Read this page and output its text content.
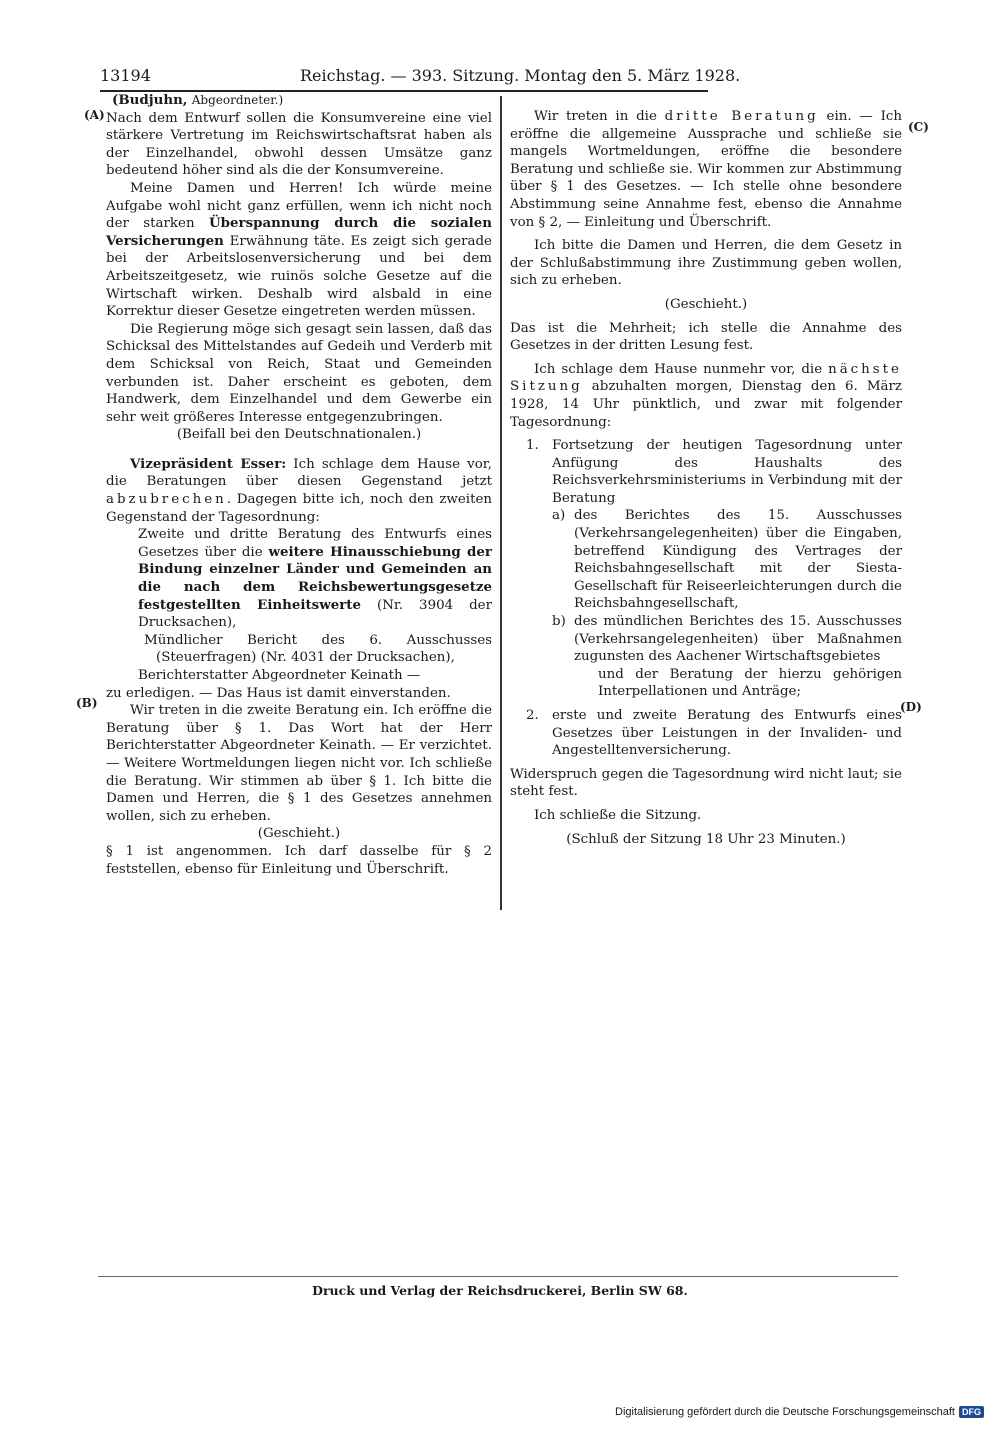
13194	Reichstag. — 393. Sitzung. Montag den 5. März 1928.
(A)
(B)
(C)
(D)

(Budjuhn, Abgeordneter.)

Nach dem Entwurf sollen die Konsumvereine eine viel stärkere Vertretung im Reichswirtschaftsrat haben als der Einzelhandel, obwohl dessen Umsätze ganz bedeutend höher sind als die der Konsumvereine.

Meine Damen und Herren! Ich würde meine Aufgabe wohl nicht ganz erfüllen, wenn ich nicht noch der starken Überspannung durch die sozialen Versicherungen Erwähnung täte. Es zeigt sich gerade bei der Arbeitslosenversicherung und bei dem Arbeitszeitgesetz, wie ruinös solche Gesetze auf die Wirtschaft wirken. Deshalb wird alsbald in eine Korrektur dieser Gesetze eingetreten werden müssen.

Die Regierung möge sich gesagt sein lassen, daß das Schicksal des Mittelstandes auf Gedeih und Verderb mit dem Schicksal von Reich, Staat und Gemeinden verbunden ist. Daher erscheint es geboten, dem Handwerk, dem Einzelhandel und dem Gewerbe ein sehr weit größeres Interesse entgegenzubringen.

(Beifall bei den Deutschnationalen.)

Vizepräsident Esser: Ich schlage dem Hause vor, die Beratungen über diesen Gegenstand jetzt abzubrechen. Dagegen bitte ich, noch den zweiten Gegenstand der Tagesordnung:

Zweite und dritte Beratung des Entwurfs eines Gesetzes über die weitere Hinausschiebung der Bindung einzelner Länder und Gemeinden an die nach dem Reichsbewertungsgesetze festgestellten Einheitswerte (Nr. 3904 der Drucksachen),

Mündlicher Bericht des 6. Ausschusses (Steuerfragen) (Nr. 4031 der Drucksachen),

Berichterstatter Abgeordneter Keinath —

zu erledigen. — Das Haus ist damit einverstanden.

Wir treten in die zweite Beratung ein. Ich eröffne die Beratung über § 1. Das Wort hat der Herr Berichterstatter Abgeordneter Keinath. — Er verzichtet. — Weitere Wortmeldungen liegen nicht vor. Ich schließe die Beratung. Wir stimmen ab über § 1. Ich bitte die Damen und Herren, die § 1 des Gesetzes annehmen wollen, sich zu erheben.

(Geschieht.)

§ 1 ist angenommen. Ich darf dasselbe für § 2 feststellen, ebenso für Einleitung und Überschrift.

Wir treten in die dritte Beratung ein. — Ich eröffne die allgemeine Aussprache und schließe sie mangels Wortmeldungen, eröffne die besondere Beratung und schließe sie. Wir kommen zur Abstimmung über § 1 des Gesetzes. — Ich stelle ohne besondere Abstimmung seine Annahme fest, ebenso die Annahme von § 2, — Einleitung und Überschrift.

Ich bitte die Damen und Herren, die dem Gesetz in der Schlußabstimmung ihre Zustimmung geben wollen, sich zu erheben.

(Geschieht.)

Das ist die Mehrheit; ich stelle die Annahme des Gesetzes in der dritten Lesung fest.

Ich schlage dem Hause nunmehr vor, die nächste Sitzung abzuhalten morgen, Dienstag den 6. März 1928, 14 Uhr pünktlich, und zwar mit folgender Tagesordnung:

1. Fortsetzung der heutigen Tagesordnung unter Anfügung des Haushalts des Reichsverkehrsministeriums in Verbindung mit der Beratung
a) des Berichtes des 15. Ausschusses (Verkehrsangelegenheiten) über die Eingaben, betreffend Kündigung des Vertrages der Reichsbahngesellschaft mit der Siesta-Gesellschaft für Reiseerleichterungen durch die Reichsbahngesellschaft,
b) des mündlichen Berichtes des 15. Ausschusses (Verkehrsangelegenheiten) über Maßnahmen zugunsten des Aachener Wirtschaftsgebietes

und der Beratung der hierzu gehörigen Interpellationen und Anträge;

2. erste und zweite Beratung des Entwurfs eines Gesetzes über Leistungen in der Invaliden- und Angestelltenversicherung.

Widerspruch gegen die Tagesordnung wird nicht laut; sie steht fest.

Ich schließe die Sitzung.

(Schluß der Sitzung 18 Uhr 23 Minuten.)

Druck und Verlag der Reichsdruckerei, Berlin SW 68.
Digitalisierung gefördert durch die Deutsche Forschungsgemeinschaft DFG
